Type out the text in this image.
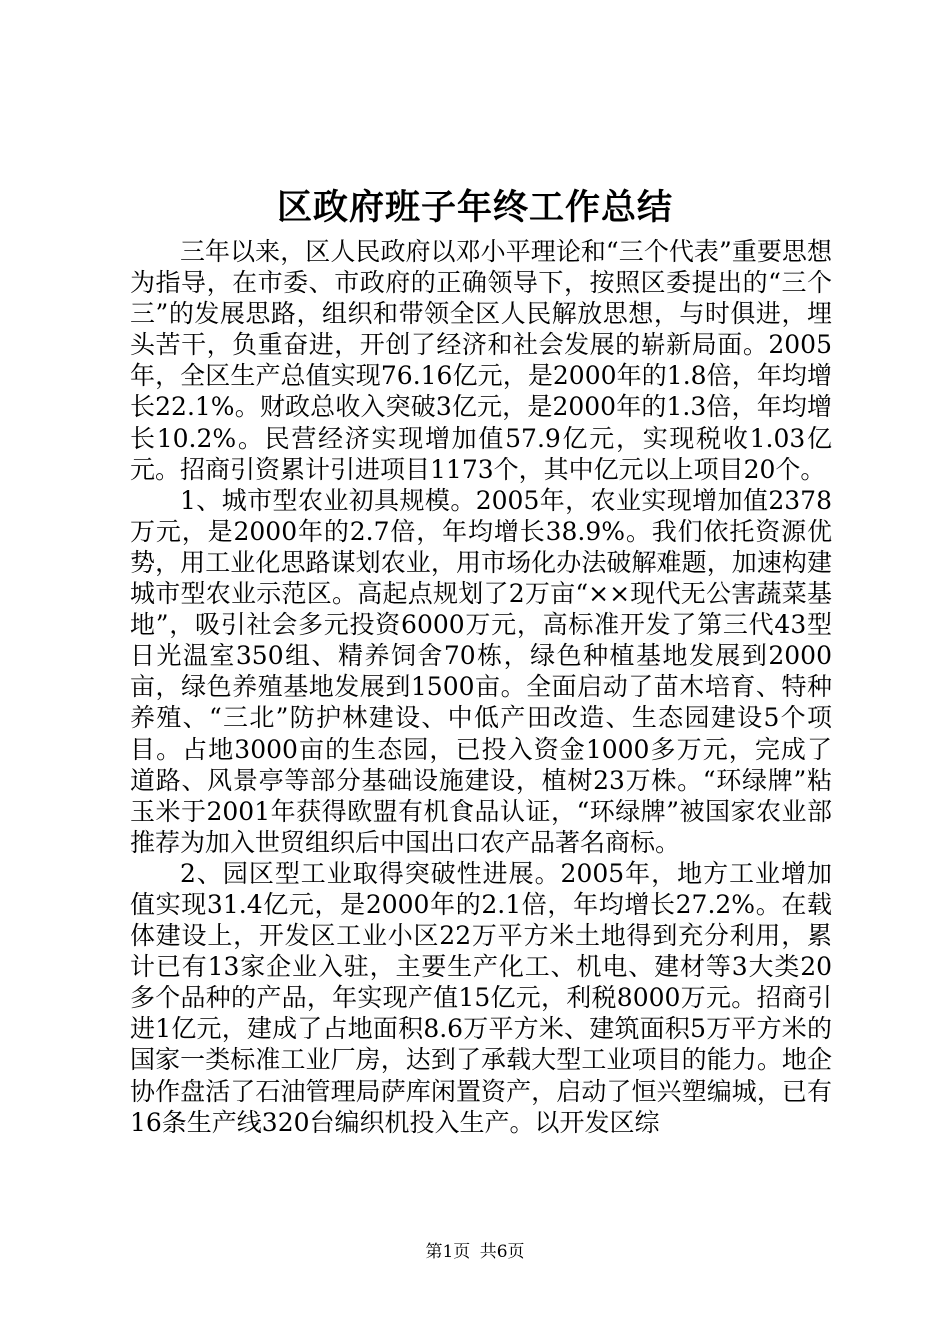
区政府班子年终工作总结

三年以来，区人民政府以邓小平理论和“三个代表”重要思想为指导，在市委、市政府的正确领导下，按照区委提出的“三个三”的发展思路，组织和带领全区人民解放思想，与时俱进，埋头苦干，负重奋进，开创了经济和社会发展的崭新局面。2005年，全区生产总值实现76.16亿元，是2000年的1.8倍，年均增长22.1%。财政总收入突破3亿元，是2000年的1.3倍，年均增长10.2%。民营经济实现增加值57.9亿元，实现税收1.03亿元。招商引资累计引进项目1173个，其中亿元以上项目20个。

1、城市型农业初具规模。2005年，农业实现增加值2378万元，是2000年的2.7倍，年均增长38.9%。我们依托资源优势，用工业化思路谋划农业，用市场化办法破解难题，加速构建城市型农业示范区。高起点规划了2万亩“××现代无公害蔬菜基地”，吸引社会多元投资6000万元，高标准开发了第三代43型日光温室350组、精养饲舍70栋，绿色种植基地发展到2000亩，绿色养殖基地发展到1500亩。全面启动了苗木培育、特种养殖、“三北”防护林建设、中低产田改造、生态园建设5个项目。占地3000亩的生态园，已投入资金1000多万元，完成了道路、风景亭等部分基础设施建设，植树23万株。“环绿牌”粘玉米于2001年获得欧盟有机食品认证，“环绿牌”被国家农业部推荐为加入世贸组织后中国出口农产品著名商标。

2、园区型工业取得突破性进展。2005年，地方工业增加值实现31.4亿元，是2000年的2.1倍，年均增长27.2%。在载体建设上，开发区工业小区22万平方米土地得到充分利用，累计已有13家企业入驻，主要生产化工、机电、建材等3大类20多个品种的产品，年实现产值15亿元，利税8000万元。招商引进1亿元，建成了占地面积8.6万平方米、建筑面积5万平方米的国家一类标准工业厂房，达到了承载大型工业项目的能力。地企协作盘活了石油管理局萨库闲置资产，启动了恒兴塑编城，已有16条生产线320台编织机投入生产。以开发区综

第1页 共6页
